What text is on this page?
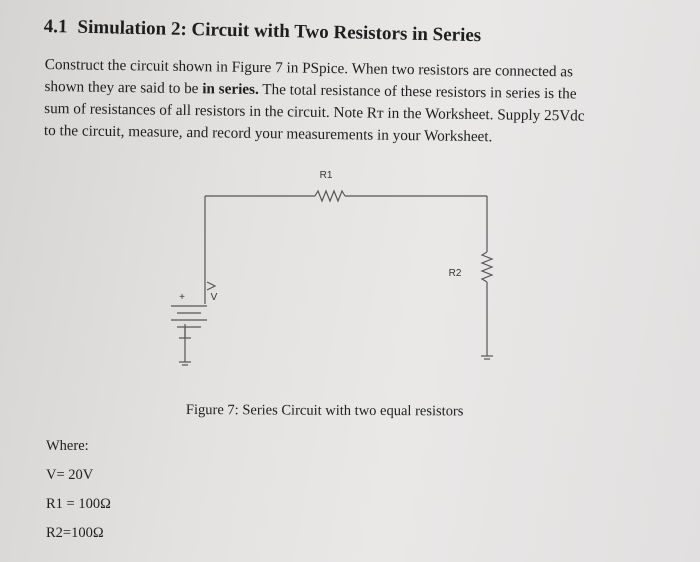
4.1 Simulation 2: Circuit with Two Resistors in Series
Construct the circuit shown in Figure 7 in PSpice. When two resistors are connected as
shown they are said to be in series. The total resistance of these resistors in series is the
sum of resistances of all resistors in the circuit. Note Rᴛ in the Worksheet. Supply 25Vdc
to the circuit, measure, and record your measurements in your Worksheet.
R1
R2
V
+
Figure 7: Series Circuit with two equal resistors
Where:
V= 20V
R1 = 100Ω
R2=100Ω
